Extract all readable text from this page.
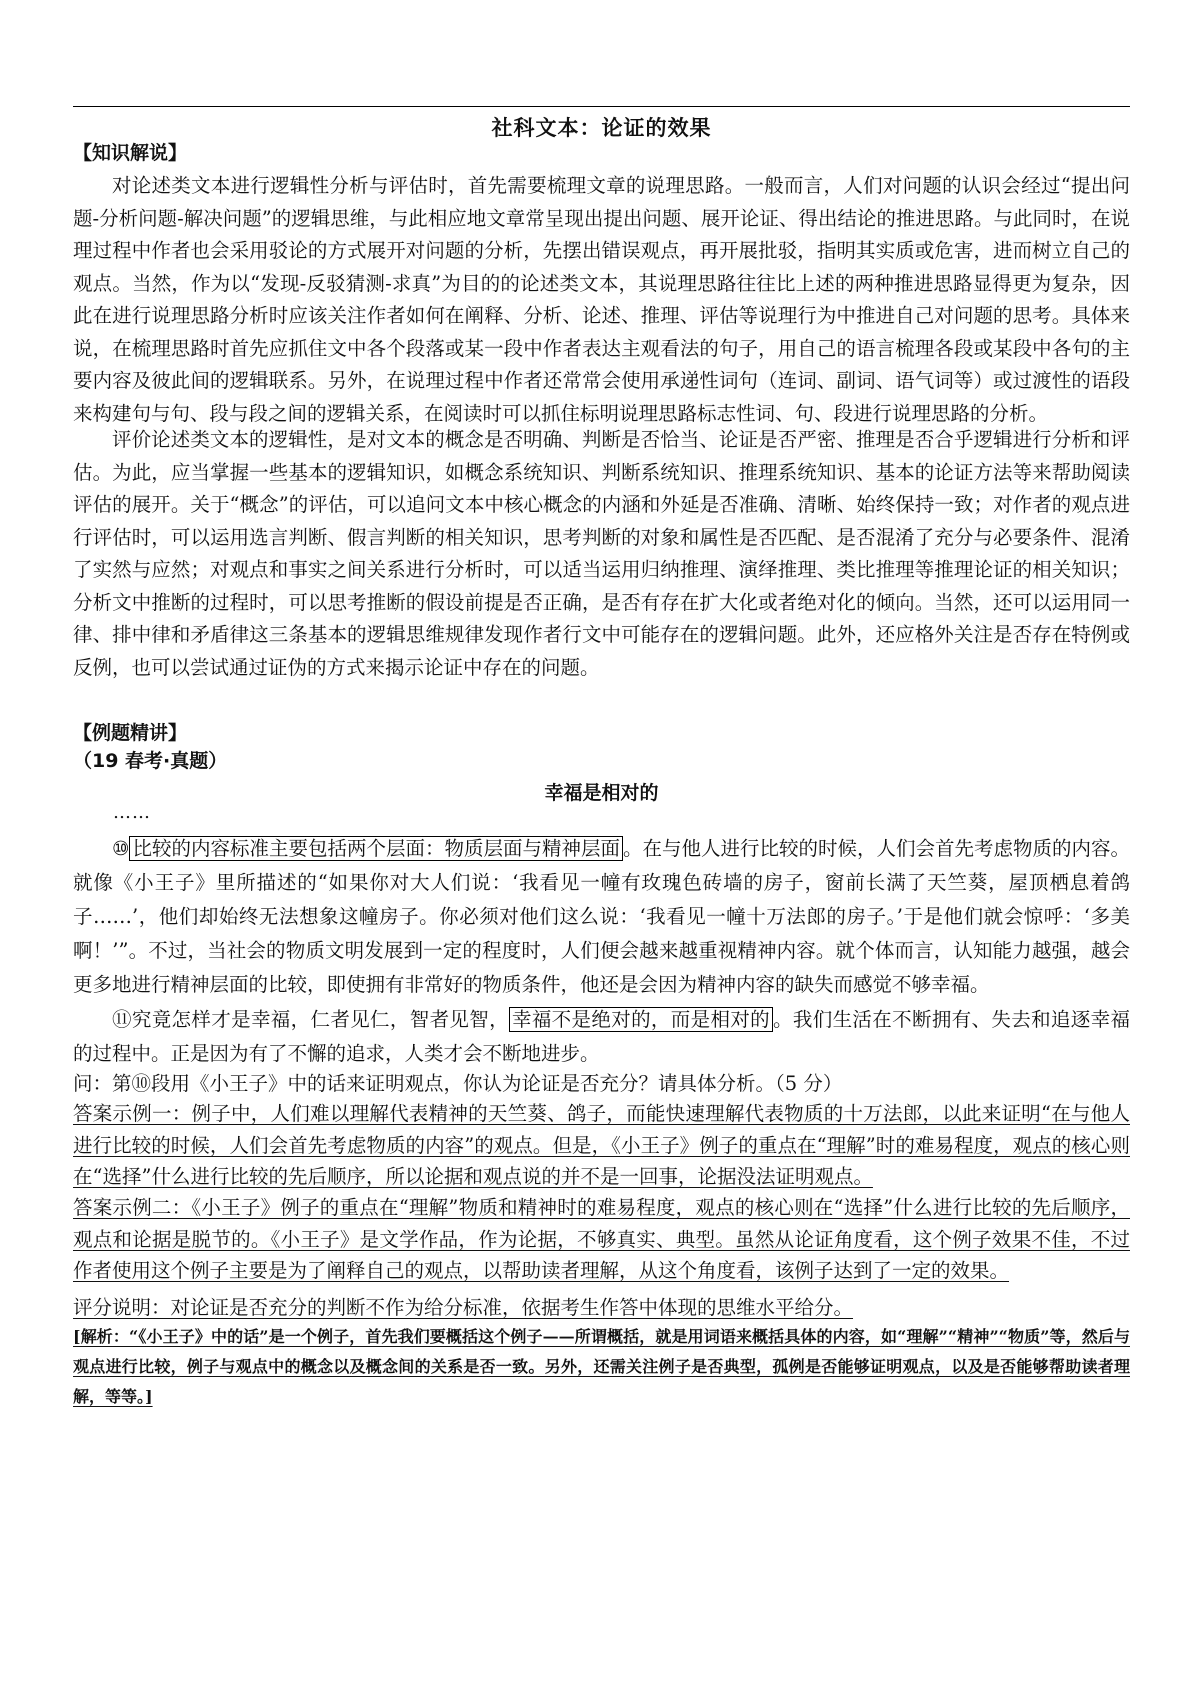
社科文本：论证的效果
【知识解说】

对论述类文本进行逻辑性分析与评估时，首先需要梳理文章的说理思路。一般而言，人们对问题的认识会经过“提出问题-分析问题-解决问题”的逻辑思维，与此相应地文章常呈现出提出问题、展开论证、得出结论的推进思路。与此同时，在说理过程中作者也会采用驳论的方式展开对问题的分析，先摆出错误观点，再开展批驳，指明其实质或危害，进而树立自己的观点。当然，作为以“发现-反驳猜测-求真”为目的的论述类文本，其说理思路往往比上述的两种推进思路显得更为复杂，因此在进行说理思路分析时应该关注作者如何在阐释、分析、论述、推理、评估等说理行为中推进自己对问题的思考。具体来说，在梳理思路时首先应抓住文中各个段落或某一段中作者表达主观看法的句子，用自己的语言梳理各段或某段中各句的主要内容及彼此间的逻辑联系。另外，在说理过程中作者还常常会使用承递性词句（连词、副词、语气词等）或过渡性的语段来构建句与句、段与段之间的逻辑关系，在阅读时可以抓住标明说理思路标志性词、句、段进行说理思路的分析。

评价论述类文本的逻辑性，是对文本的概念是否明确、判断是否恰当、论证是否严密、推理是否合乎逻辑进行分析和评估。为此，应当掌握一些基本的逻辑知识，如概念系统知识、判断系统知识、推理系统知识、基本的论证方法等来帮助阅读评估的展开。关于“概念”的评估，可以追问文本中核心概念的内涵和外延是否准确、清晰、始终保持一致；对作者的观点进行评估时，可以运用选言判断、假言判断的相关知识，思考判断的对象和属性是否匹配、是否混淆了充分与必要条件、混淆了实然与应然；对观点和事实之间关系进行分析时，可以适当运用归纳推理、演绎推理、类比推理等推理论证的相关知识；分析文中推断的过程时，可以思考推断的假设前提是否正确，是否有存在扩大化或者绝对化的倾向。当然，还可以运用同一律、排中律和矛盾律这三条基本的逻辑思维规律发现作者行文中可能存在的逻辑问题。此外，还应格外关注是否存在特例或反例，也可以尝试通过证伪的方式来揭示论证中存在的问题。

【例题精讲】
（19 春考·真题）
幸福是相对的
……

⑩ 比较的内容标准主要包括两个层面：物质层面与精神层面 。在与他人进行比较的时候，人们会首先考虑物质的内容。就像《小王子》里所描述的“如果你对大人们说：‘我看见一幢有玫瑰色砖墙的房子，窗前长满了天竺葵，屋顶栖息着鸽子……’，他们却始终无法想象这幢房子。你必须对他们这么说：‘我看见一幢十万法郎的房子。’于是他们就会惊呼：‘多美啊！’”。不过，当社会的物质文明发展到一定的程度时，人们便会越来越重视精神内容。就个体而言，认知能力越强，越会更多地进行精神层面的比较，即使拥有非常好的物质条件，他还是会因为精神内容的缺失而感觉不够幸福。

⑪究竟怎样才是幸福，仁者见仁，智者见智， 幸福不是绝对的，而是相对的 。我们生活在不断拥有、失去和追逐幸福的过程中。正是因为有了不懈的追求，人类才会不断地进步。

问：第⑩段用《小王子》中的话来证明观点，你认为论证是否充分？请具体分析。（5 分）

答案示例一：例子中，人们难以理解代表精神的天竺葵、鸽子，而能快速理解代表物质的十万法郎，以此来证明“在与他人进行比较的时候，人们会首先考虑物质的内容”的观点。但是，《小王子》例子的重点在“理解”时的难易程度，观点的核心则在“选择”什么进行比较的先后顺序，所以论据和观点说的并不是一回事，论据没法证明观点。

答案示例二：《小王子》例子的重点在“理解”物质和精神时的难易程度，观点的核心则在“选择”什么进行比较的先后顺序，观点和论据是脱节的。《小王子》是文学作品，作为论据，不够真实、典型。虽然从论证角度看，这个例子效果不佳，不过作者使用这个例子主要是为了阐释自己的观点，以帮助读者理解，从这个角度看，该例子达到了一定的效果。

评分说明：对论证是否充分的判断不作为给分标准，依据考生作答中体现的思维水平给分。

[解析：“《小王子》中的话”是一个例子，首先我们要概括这个例子——所谓概括，就是用词语来概括具体的内容，如“理解”“精神”“物质”等，然后与观点进行比较，例子与观点中的概念以及概念间的关系是否一致。另外，还需关注例子是否典型，孤例是否能够证明观点，以及是否能够帮助读者理解，等等。]
